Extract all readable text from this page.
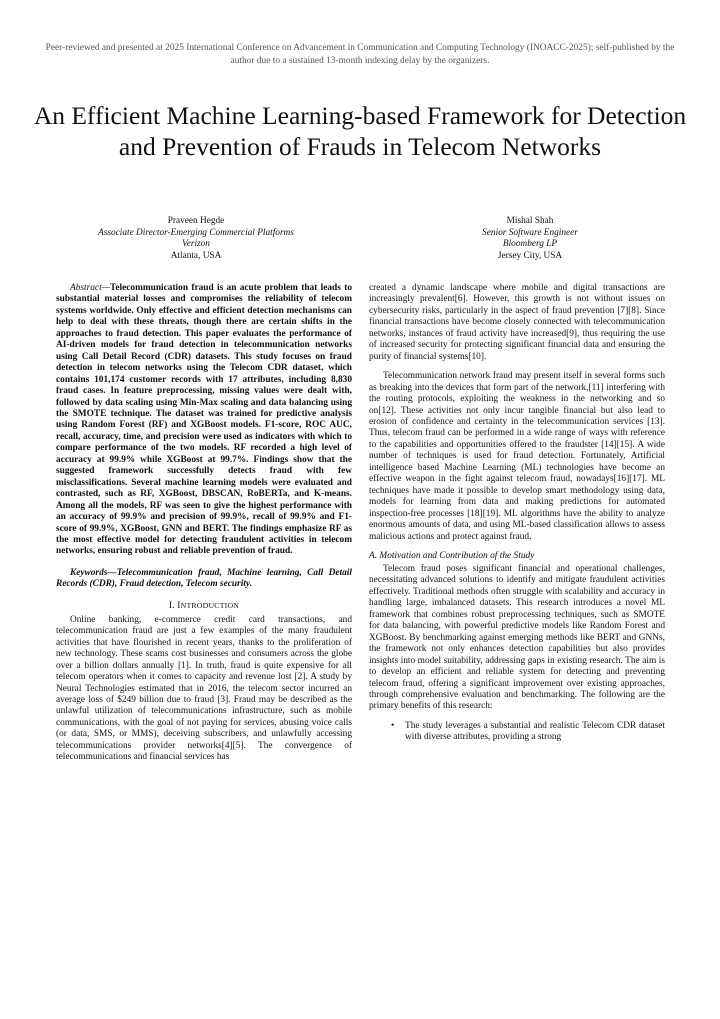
Peer-reviewed and presented at 2025 International Conference on Advancement in Communication and Computing Technology (INOACC-2025); self-published by the author due to a sustained 13-month indexing delay by the organizers.
An Efficient Machine Learning-based Framework for Detection and Prevention of Frauds in Telecom Networks
Praveen Hegde
Associate Director-Emerging Commercial Platforms
Verizon
Atlanta, USA
Mishal Shah
Senior Software Engineer
Bloomberg LP
Jersey City, USA

Abstract—Telecommunication fraud is an acute problem that leads to substantial material losses and compromises the reliability of telecom systems worldwide. Only effective and efficient detection mechanisms can help to deal with these threats, though there are certain shifts in the approaches to fraud detection. This paper evaluates the performance of AI-driven models for fraud detection in telecommunication networks using Call Detail Record (CDR) datasets. This study focuses on fraud detection in telecom networks using the Telecom CDR dataset, which contains 101,174 customer records with 17 attributes, including 8,830 fraud cases. In feature preprocessing, missing values were dealt with, followed by data scaling using Min-Max scaling and data balancing using the SMOTE technique. The dataset was trained for predictive analysis using Random Forest (RF) and XGBoost models. F1-score, ROC AUC, recall, accuracy, time, and precision were used as indicators with which to compare performance of the two models. RF recorded a high level of accuracy at 99.9% while XGBoost at 99.7%. Findings show that the suggested framework successfully detects fraud with few misclassifications. Several machine learning models were evaluated and contrasted, such as RF, XGBoost, DBSCAN, RoBERTa, and K-means. Among all the models, RF was seen to give the highest performance with an accuracy of 99.9% and precision of 99.9%, recall of 99.9% and F1-score of 99.9%, XGBoost, GNN and BERT. The findings emphasize RF as the most effective model for detecting fraudulent activities in telecom networks, ensuring robust and reliable prevention of fraud.

Keywords—Telecommunication fraud, Machine learning, Call Detail Records (CDR), Fraud detection, Telecom security.

I. INTRODUCTION

Online banking, e-commerce credit card transactions, and telecommunication fraud are just a few examples of the many fraudulent activities that have flourished in recent years, thanks to the proliferation of new technology. These scams cost businesses and consumers across the globe over a billion dollars annually [1]. In truth, fraud is quite expensive for all telecom operators when it comes to capacity and revenue lost [2]. A study by Neural Technologies estimated that in 2016, the telecom sector incurred an average loss of $249 billion due to fraud [3]. Fraud may be described as the unlawful utilization of telecommunications infrastructure, such as mobile communications, with the goal of not paying for services, abusing voice calls (or data, SMS, or MMS), deceiving subscribers, and unlawfully accessing telecommunications provider networks[4][5]. The convergence of telecommunications and financial services has

created a dynamic landscape where mobile and digital transactions are increasingly prevalent[6]. However, this growth is not without issues on cybersecurity risks, particularly in the aspect of fraud prevention [7][8]. Since financial transactions have become closely connected with telecommunication networks, instances of fraud activity have increased[9], thus requiring the use of increased security for protecting significant financial data and ensuring the purity of financial systems[10].

Telecommunication network fraud may present itself in several forms such as breaking into the devices that form part of the network,[11] interfering with the routing protocols, exploiting the weakness in the networking and so on[12]. These activities not only incur tangible financial but also lead to erosion of confidence and certainty in the telecommunication services [13]. Thus, telecom fraud can be performed in a wide range of ways with reference to the capabilities and opportunities offered to the fraudster [14][15]. A wide number of techniques is used for fraud detection. Fortunately, Artificial intelligence based Machine Learning (ML) technologies have become an effective weapon in the fight against telecom fraud, nowadays[16][17]. ML techniques have made it possible to develop smart methodology using data, models for learning from data and making predictions for automated inspection-free processes [18][19]. ML algorithms have the ability to analyze enormous amounts of data, and using ML-based classification allows to assess malicious actions and protect against fraud.

A. Motivation and Contribution of the Study

Telecom fraud poses significant financial and operational challenges, necessitating advanced solutions to identify and mitigate fraudulent activities effectively. Traditional methods often struggle with scalability and accuracy in handling large, imbalanced datasets. This research introduces a novel ML framework that combines robust preprocessing techniques, such as SMOTE for data balancing, with powerful predictive models like Random Forest and XGBoost. By benchmarking against emerging methods like BERT and GNNs, the framework not only enhances detection capabilities but also provides insights into model suitability, addressing gaps in existing research. The aim is to develop an efficient and reliable system for detecting and preventing telecom fraud, offering a significant improvement over existing approaches, through comprehensive evaluation and benchmarking. The following are the primary benefits of this research:

• The study leverages a substantial and realistic Telecom CDR dataset with diverse attributes, providing a strong
